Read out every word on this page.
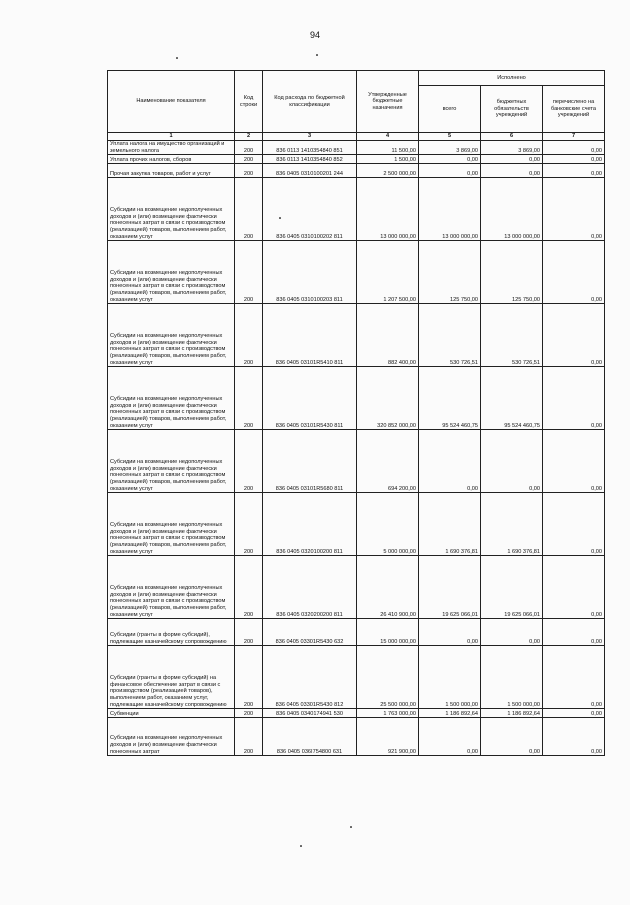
94
Наименование показателя	Код строки	Код расхода по бюджетной классификации	Утвержденные бюджетные назначения	Исполнено		
				всего	бюджетных обязательств учреждений	перечислено на банковские счета учреждений
1	2	3	4	5	6	7
Уплата налога на имущество организаций и земельного налога	200	836 0113 1410354840 851	11 500,00	3 869,00	3 869,00	0,00
Уплата прочих налогов, сборов	200	836 0113 1410354840 852	1 500,00	0,00	0,00	0,00
Прочая закупка товаров, работ и услуг	200	836 0405 0310100201 244	2 500 000,00	0,00	0,00	0,00
Субсидии на возмещение недополученных доходов и (или) возмещение фактически понесенных затрат в связи с производством (реализацией) товаров, выполнением работ, оказанием услуг	200	836 0405 0310100202 811	13 000 000,00	13 000 000,00	13 000 000,00	0,00
Субсидии на возмещение недополученных доходов и (или) возмещение фактически понесенных затрат в связи с производством (реализацией) товаров, выполнением работ, оказанием услуг	200	836 0405 0310100203 811	1 207 500,00	125 750,00	125 750,00	0,00
Субсидии на возмещение недополученных доходов и (или) возмещение фактически понесенных затрат в связи с производством (реализацией) товаров, выполнением работ, оказанием услуг	200	836 0405 03101R5410 811	882 400,00	530 726,51	530 726,51	0,00
Субсидии на возмещение недополученных доходов и (или) возмещение фактически понесенных затрат в связи с производством (реализацией) товаров, выполнением работ, оказанием услуг	200	836 0405 03101R5430 811	320 852 000,00	95 524 460,75	95 524 460,75	0,00
Субсидии на возмещение недополученных доходов и (или) возмещение фактически понесенных затрат в связи с производством (реализацией) товаров, выполнением работ, оказанием услуг	200	836 0405 03101R5680 811	694 200,00	0,00	0,00	0,00
Субсидии на возмещение недополученных доходов и (или) возмещение фактически понесенных затрат в связи с производством (реализацией) товаров, выполнением работ, оказанием услуг	200	836 0405 0320100200 811	5 000 000,00	1 690 376,81	1 690 376,81	0,00
Субсидии на возмещение недополученных доходов и (или) возмещение фактически понесенных затрат в связи с производством (реализацией) товаров, выполнением работ, оказанием услуг	200	836 0405 0320200200 811	26 410 900,00	19 625 066,01	19 625 066,01	0,00
Субсидии (гранты в форме субсидий), подлежащие казначейскому сопровождению	200	836 0405 03301R5430 632	15 000 000,00	0,00	0,00	0,00
Субсидии (гранты в форме субсидий) на финансовое обеспечение затрат в связи с производством (реализацией товаров), выполнением работ, оказанием услуг, подлежащие казначейскому сопровождению	200	836 0405 03301R5430 812	25 500 000,00	1 500 000,00	1 500 000,00	0,00
Субвенции	200	836 0405 0340174941 530	1 763 000,00	1 186 892,64	1 186 892,64	0,00
Субсидии на возмещение недополученных доходов и (или) возмещение фактически понесенных затрат	200	836 0405 036I754800 631	921 900,00	0,00	0,00	0,00
